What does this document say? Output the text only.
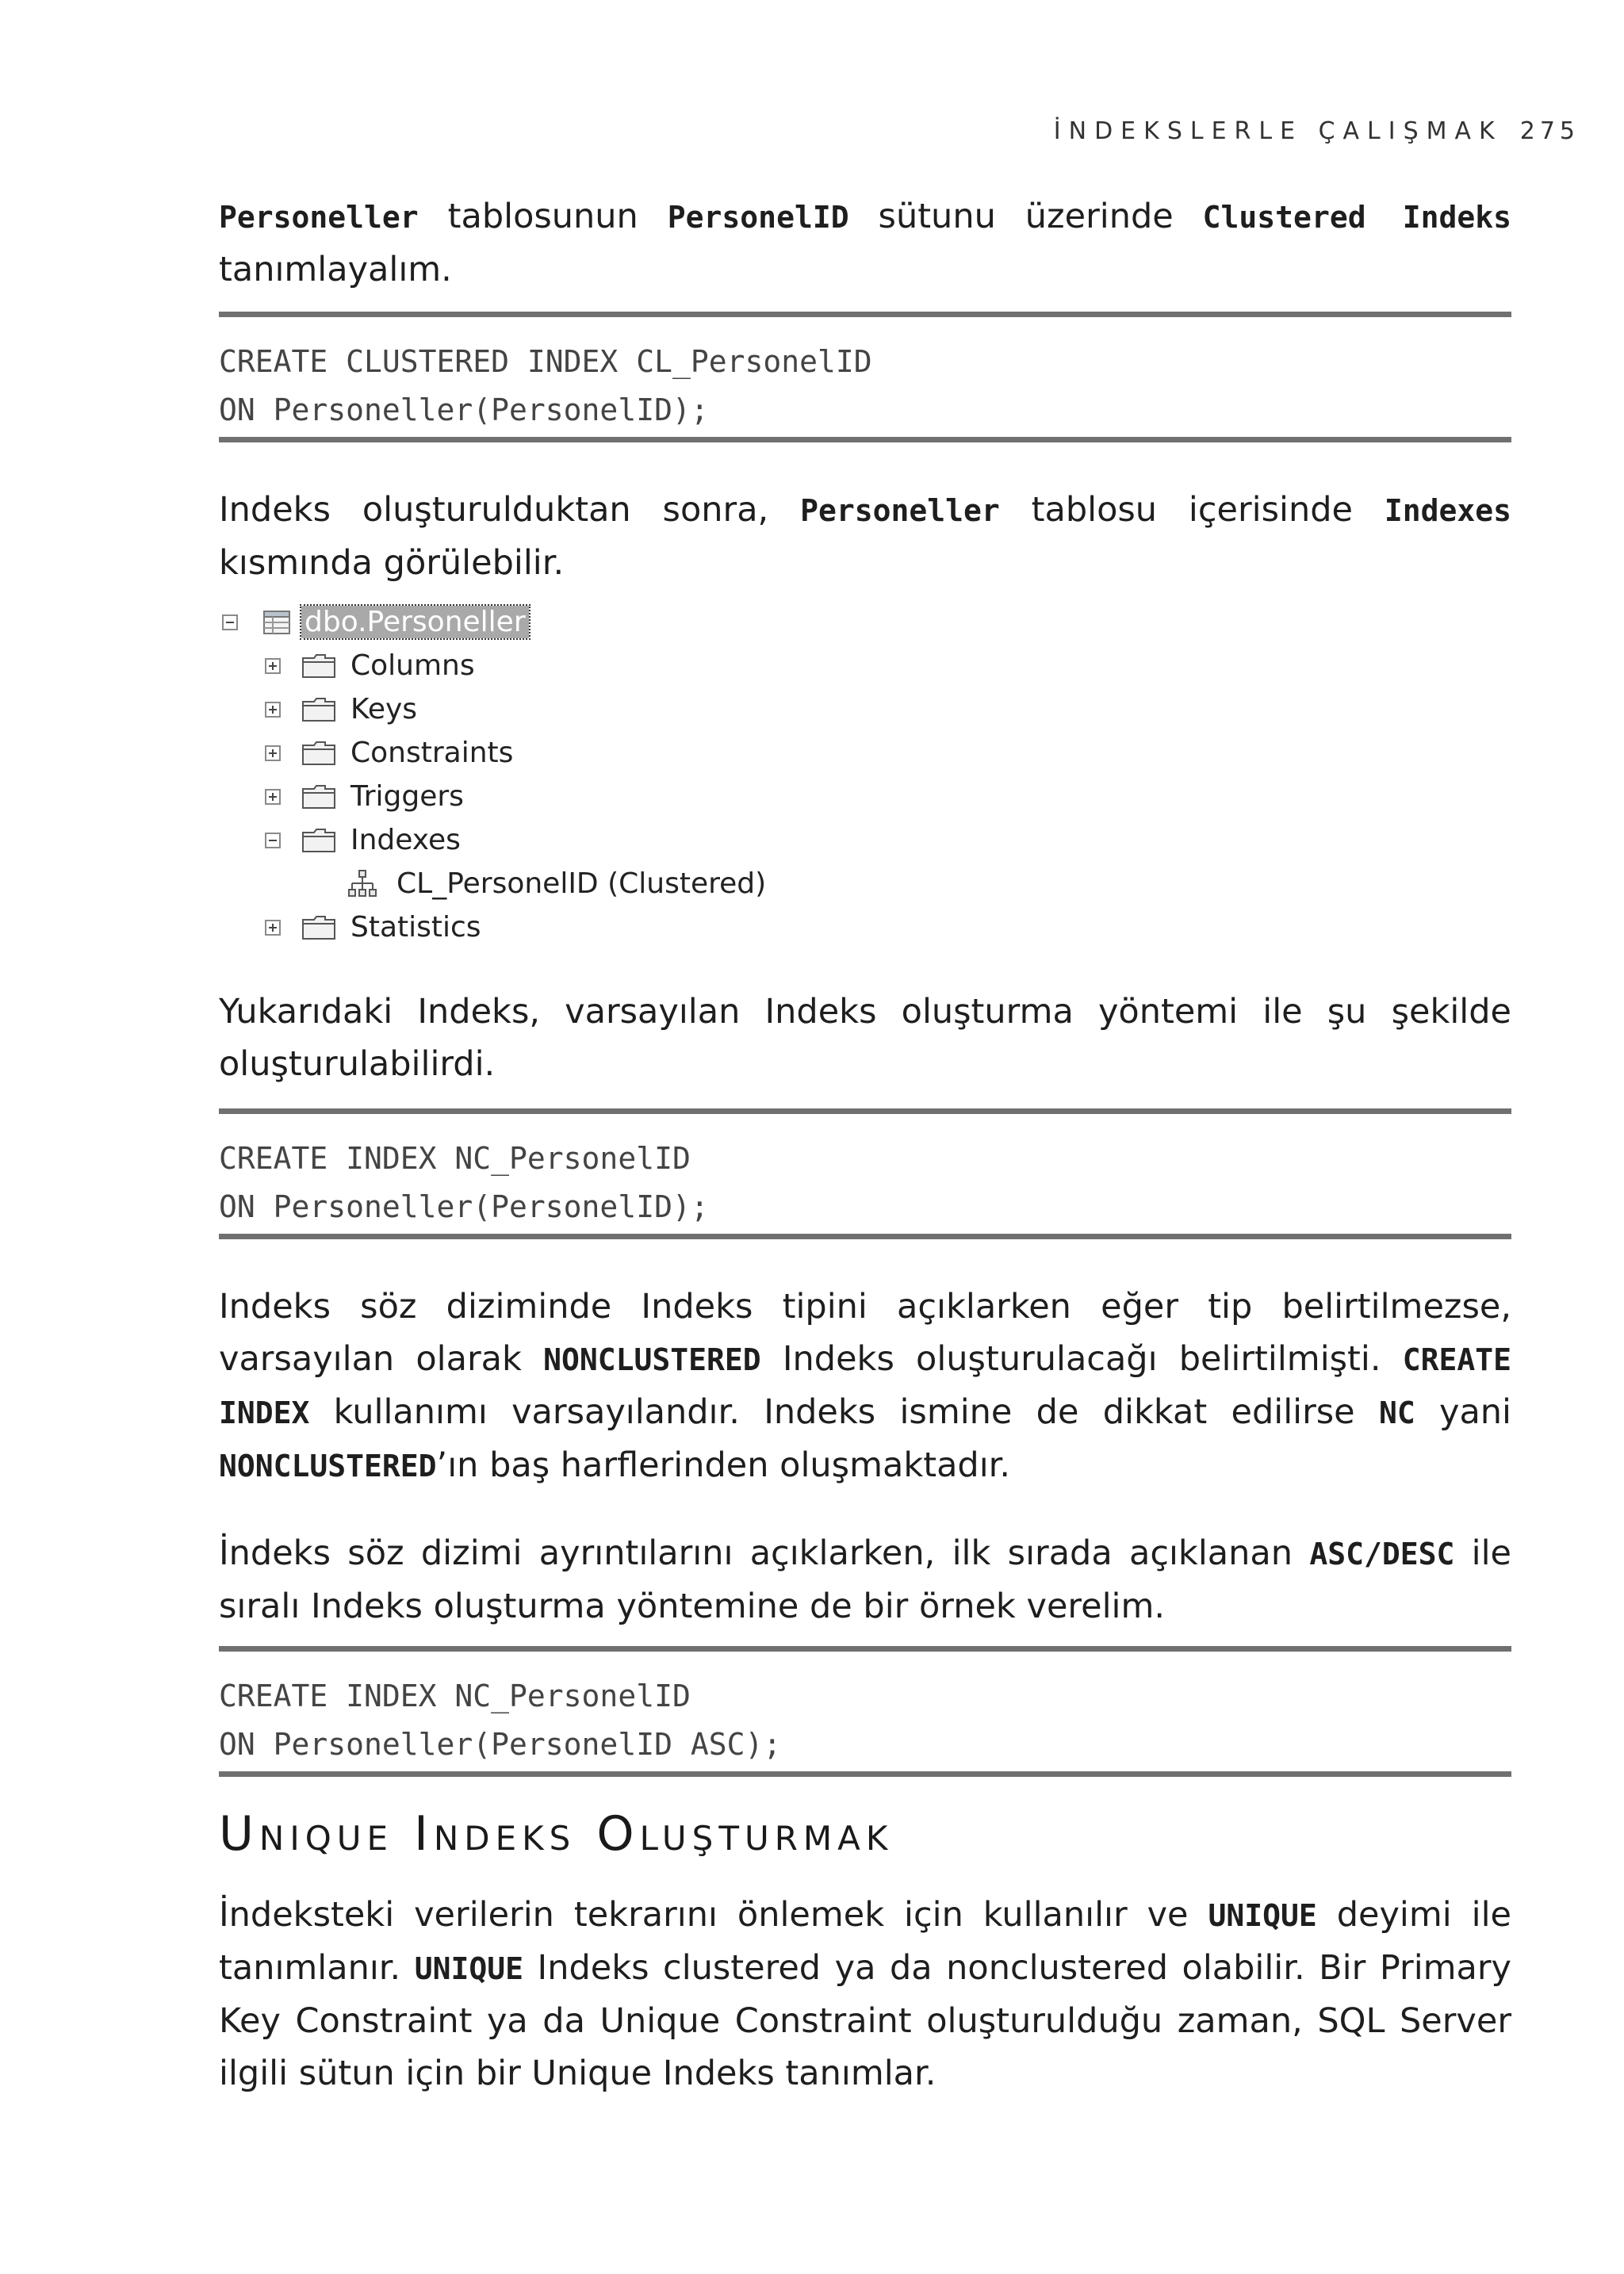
İNDEKSLERLE ÇALIŞMAK 275

Personeller tablosunun PersonelID sütunu üzerinde Clustered Indeks tanımlayalım.

CREATE CLUSTERED INDEX CL_PersonelID
ON Personeller(PersonelID);

Indeks oluşturulduktan sonra, Personeller tablosu içerisinde Indexes kısmında görülebilir.

dbo.Personeller
Columns
Keys
Constraints
Triggers
Indexes
CL_PersonelID (Clustered)
Statistics

Yukarıdaki Indeks, varsayılan Indeks oluşturma yöntemi ile şu şekilde oluşturulabilirdi.

CREATE INDEX NC_PersonelID
ON Personeller(PersonelID);

Indeks söz diziminde Indeks tipini açıklarken eğer tip belirtilmezse, varsayılan olarak NONCLUSTERED Indeks oluşturulacağı belirtilmişti. CREATE INDEX kullanımı varsayılandır. Indeks ismine de dikkat edilirse NC yani NONCLUSTERED’ın baş harflerinden oluşmaktadır.

İndeks söz dizimi ayrıntılarını açıklarken, ilk sırada açıklanan ASC/DESC ile sıralı Indeks oluşturma yöntemine de bir örnek verelim.

CREATE INDEX NC_PersonelID
ON Personeller(PersonelID ASC);
Unique Indeks Oluşturmak

İndeksteki verilerin tekrarını önlemek için kullanılır ve UNIQUE deyimi ile tanımlanır. UNIQUE Indeks clustered ya da nonclustered olabilir. Bir Primary Key Constraint ya da Unique Constraint oluşturulduğu zaman, SQL Server ilgili sütun için bir Unique Indeks tanımlar.
